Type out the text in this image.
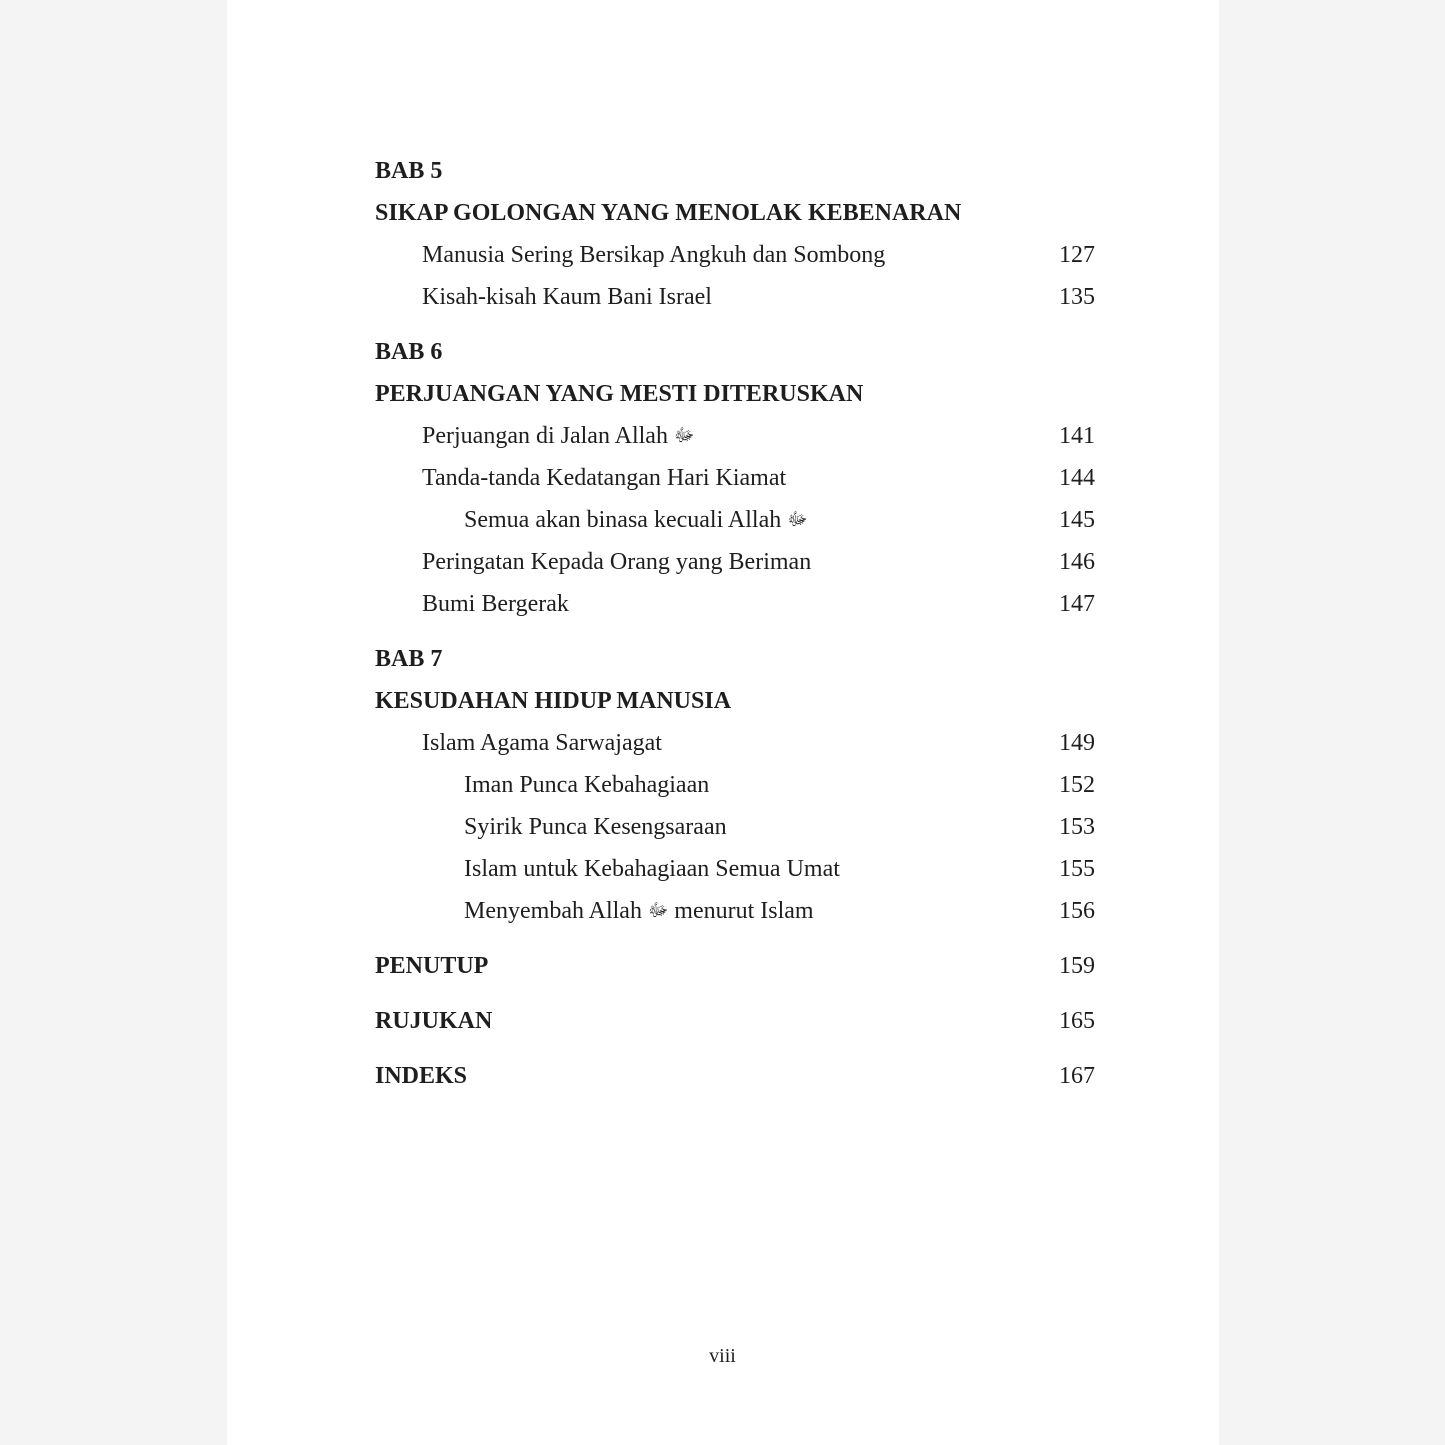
BAB 5
SIKAP GOLONGAN YANG MENOLAK KEBENARAN
Manusia Sering Bersikap Angkuh dan Sombong	127
Kisah-kisah Kaum Bani Israel	135
BAB 6
PERJUANGAN YANG MESTI DITERUSKAN
Perjuangan di Jalan Allah ﷻ	141
Tanda-tanda Kedatangan Hari Kiamat	144
Semua akan binasa kecuali Allah ﷻ	145
Peringatan Kepada Orang yang Beriman	146
Bumi Bergerak	147
BAB 7
KESUDAHAN HIDUP MANUSIA
Islam Agama Sarwajagat	149
Iman Punca Kebahagiaan	152
Syirik Punca Kesengsaraan	153
Islam untuk Kebahagiaan Semua Umat	155
Menyembah Allah ﷻ menurut Islam	156
PENUTUP	159
RUJUKAN	165
INDEKS	167
viii
